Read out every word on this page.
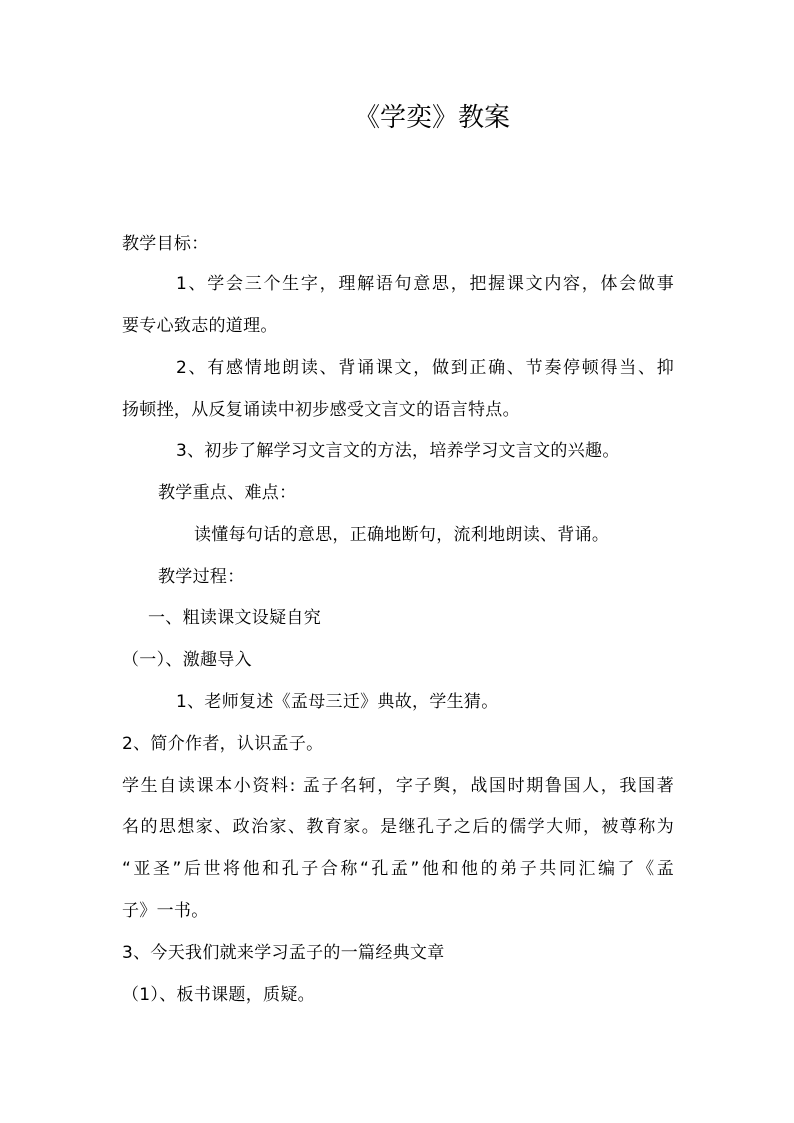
《学奕》教案
教学目标：
1、学会三个生字，理解语句意思，把握课文内容，体会做事
要专心致志的道理。
2、有感情地朗读、背诵课文，做到正确、节奏停顿得当、抑
扬顿挫，从反复诵读中初步感受文言文的语言特点。
3、初步了解学习文言文的方法，培养学习文言文的兴趣。
教学重点、难点：
读懂每句话的意思，正确地断句，流利地朗读、背诵。
教学过程：
一、粗读课文设疑自究
（一）、激趣导入
1、老师复述《孟母三迁》典故，学生猜。
2、简介作者，认识孟子。
学生自读课本小资料: 孟子名轲，字子舆，战国时期鲁国人，我国著
名的思想家、政治家、教育家。是继孔子之后的儒学大师，被尊称为
“亚圣”后世将他和孔子合称“孔孟”他和他的弟子共同汇编了《孟
子》一书。
3、今天我们就来学习孟子的一篇经典文章
（1）、板书课题，质疑。
